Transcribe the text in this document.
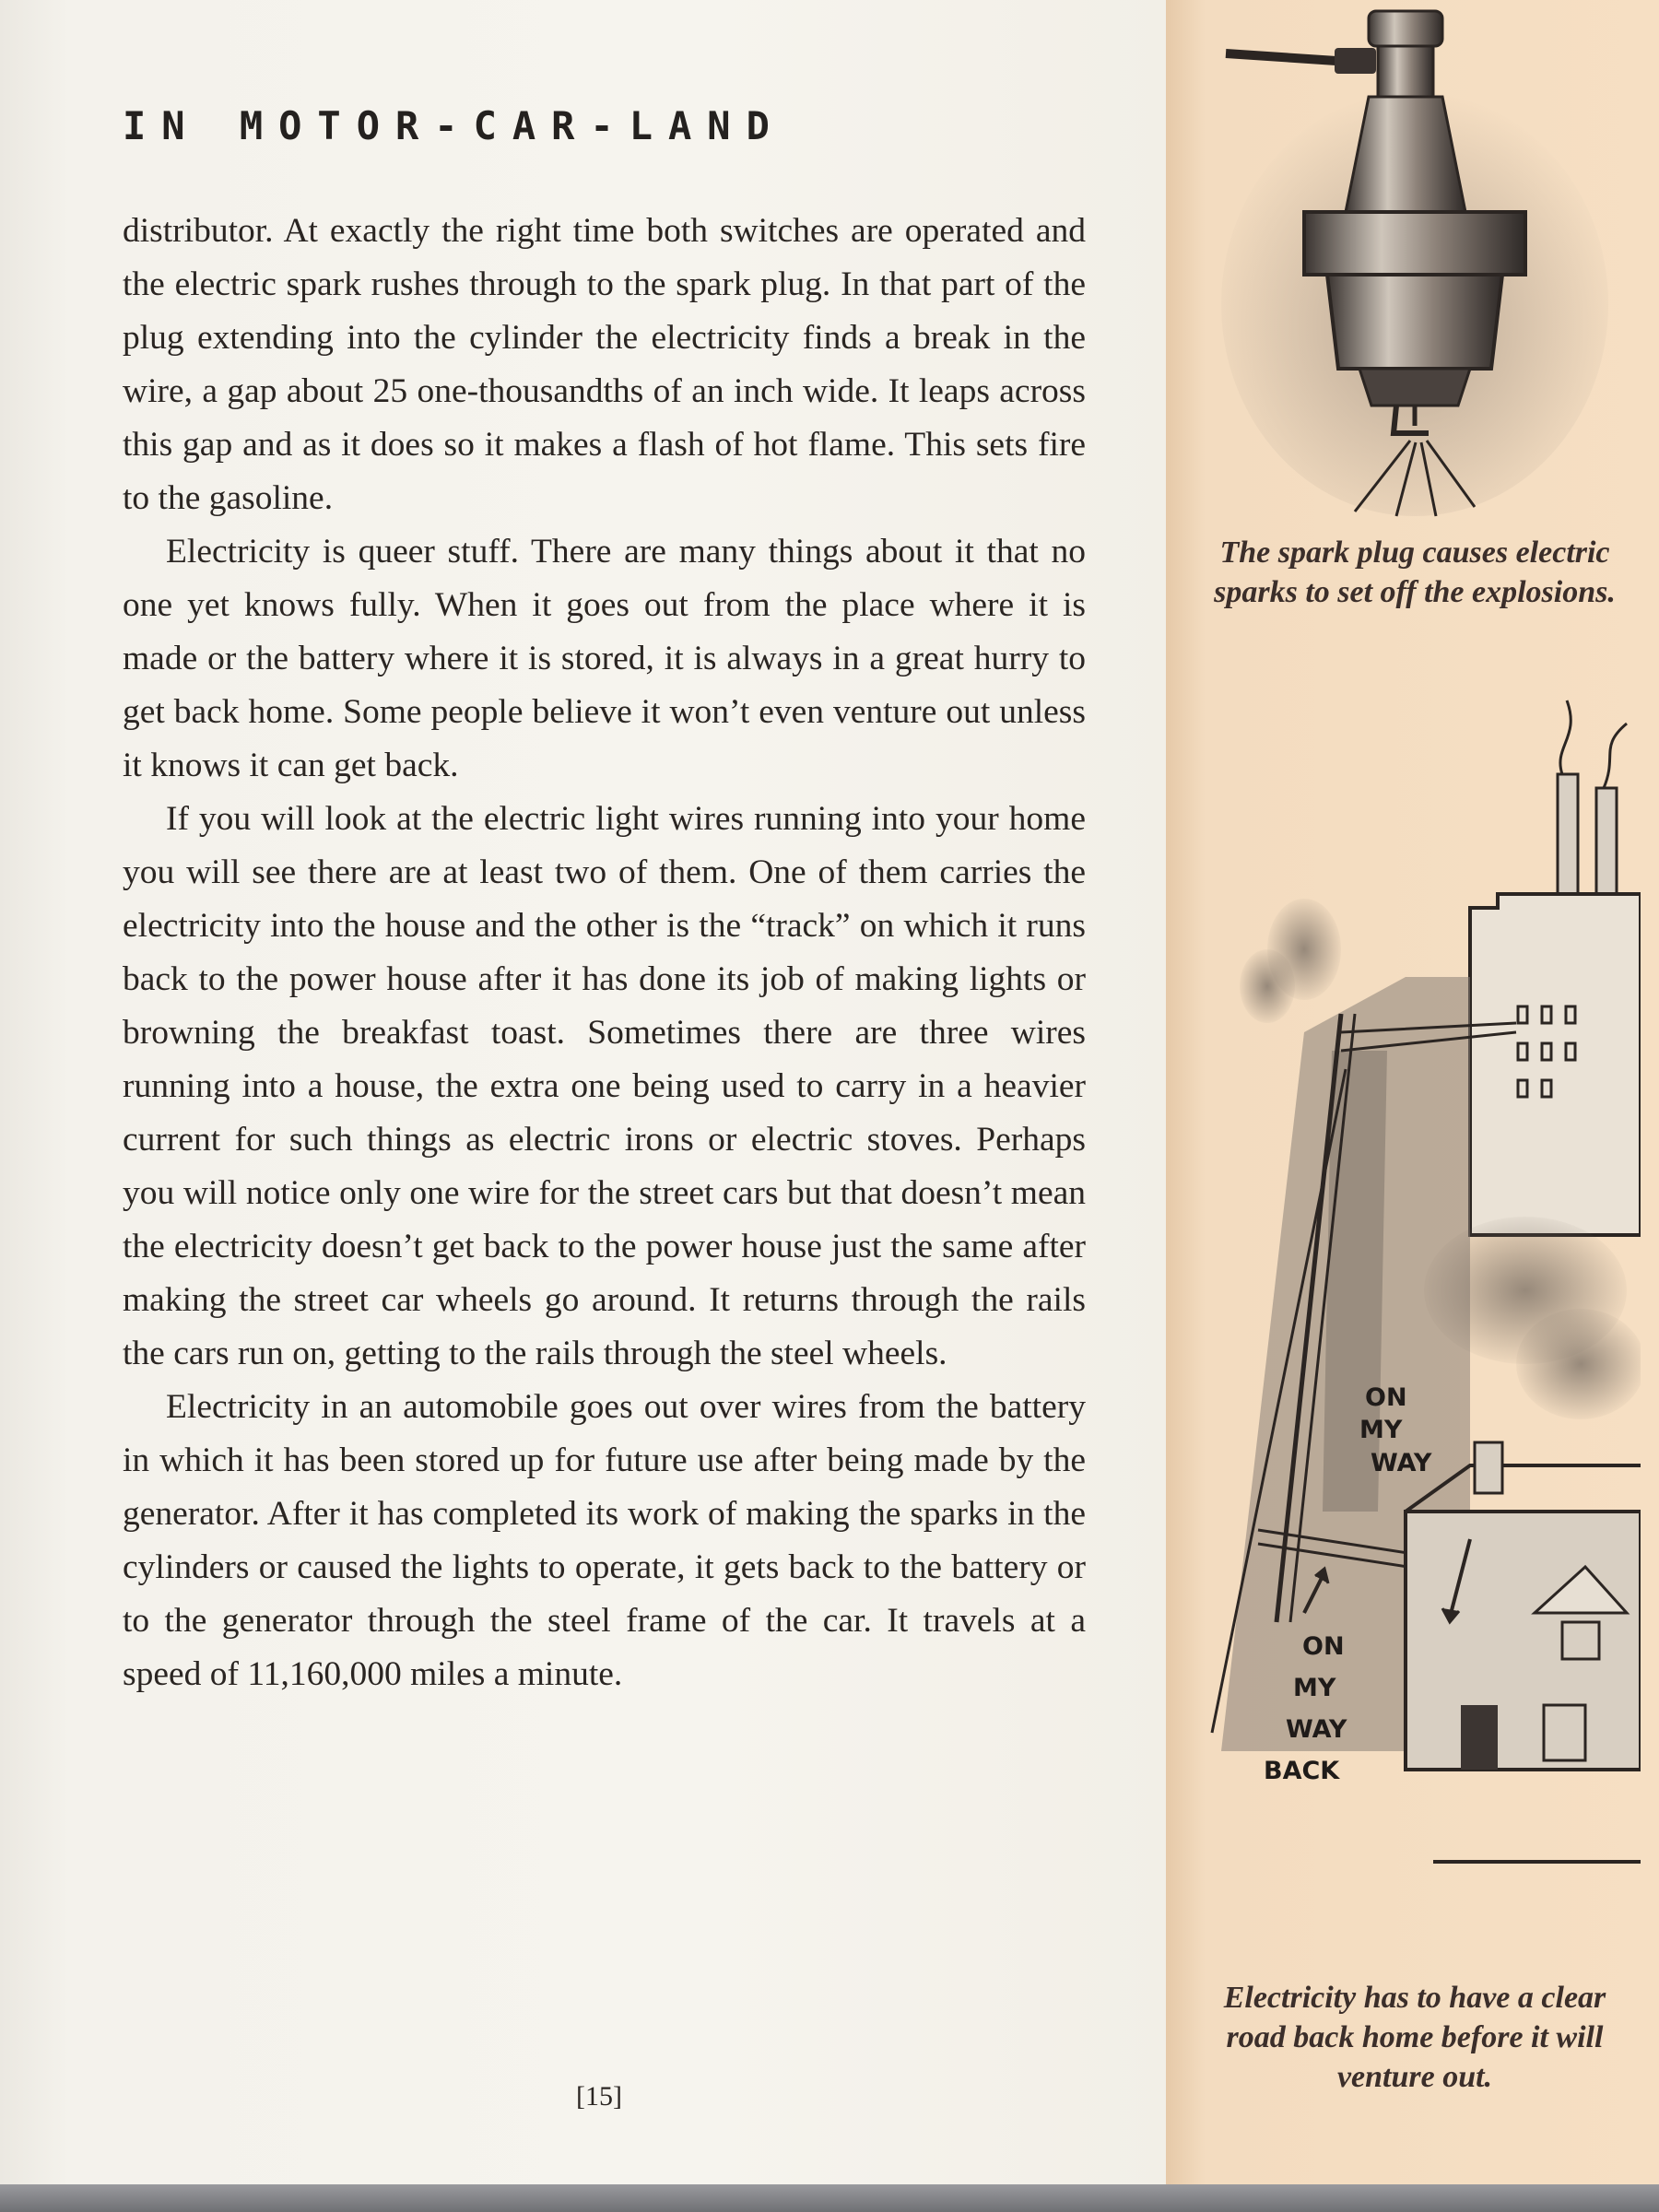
IN MOTOR-CAR-LAND

distributor. At exactly the right time both switches are operated and the electric spark rushes through to the spark plug. In that part of the plug extending into the cylinder the electricity finds a break in the wire, a gap about 25 one-thousandths of an inch wide. It leaps across this gap and as it does so it makes a flash of hot flame. This sets fire to the gasoline.

Electricity is queer stuff. There are many things about it that no one yet knows fully. When it goes out from the place where it is made or the battery where it is stored, it is always in a great hurry to get back home. Some people believe it won’t even venture out unless it knows it can get back.

If you will look at the electric light wires running into your home you will see there are at least two of them. One of them carries the electricity into the house and the other is the “track” on which it runs back to the power house after it has done its job of making lights or browning the breakfast toast. Sometimes there are three wires running into a house, the extra one being used to carry in a heavier current for such things as electric irons or electric stoves. Perhaps you will notice only one wire for the street cars but that doesn’t mean the electricity doesn’t get back to the power house just the same after making the street car wheels go around. It returns through the rails the cars run on, getting to the rails through the steel wheels.

Electricity in an automobile goes out over wires from the battery in which it has been stored up for future use after being made by the generator. After it has completed its work of making the sparks in the cylinders or caused the lights to operate, it gets back to the battery or to the generator through the steel frame of the car. It travels at a speed of 11,160,000 miles a minute.

[15]

The spark plug causes electric sparks to set off the explosions.

ON
MY
WAY
ON
MY
WAY
BACK

Electricity has to have a clear road back home before it will venture out.
